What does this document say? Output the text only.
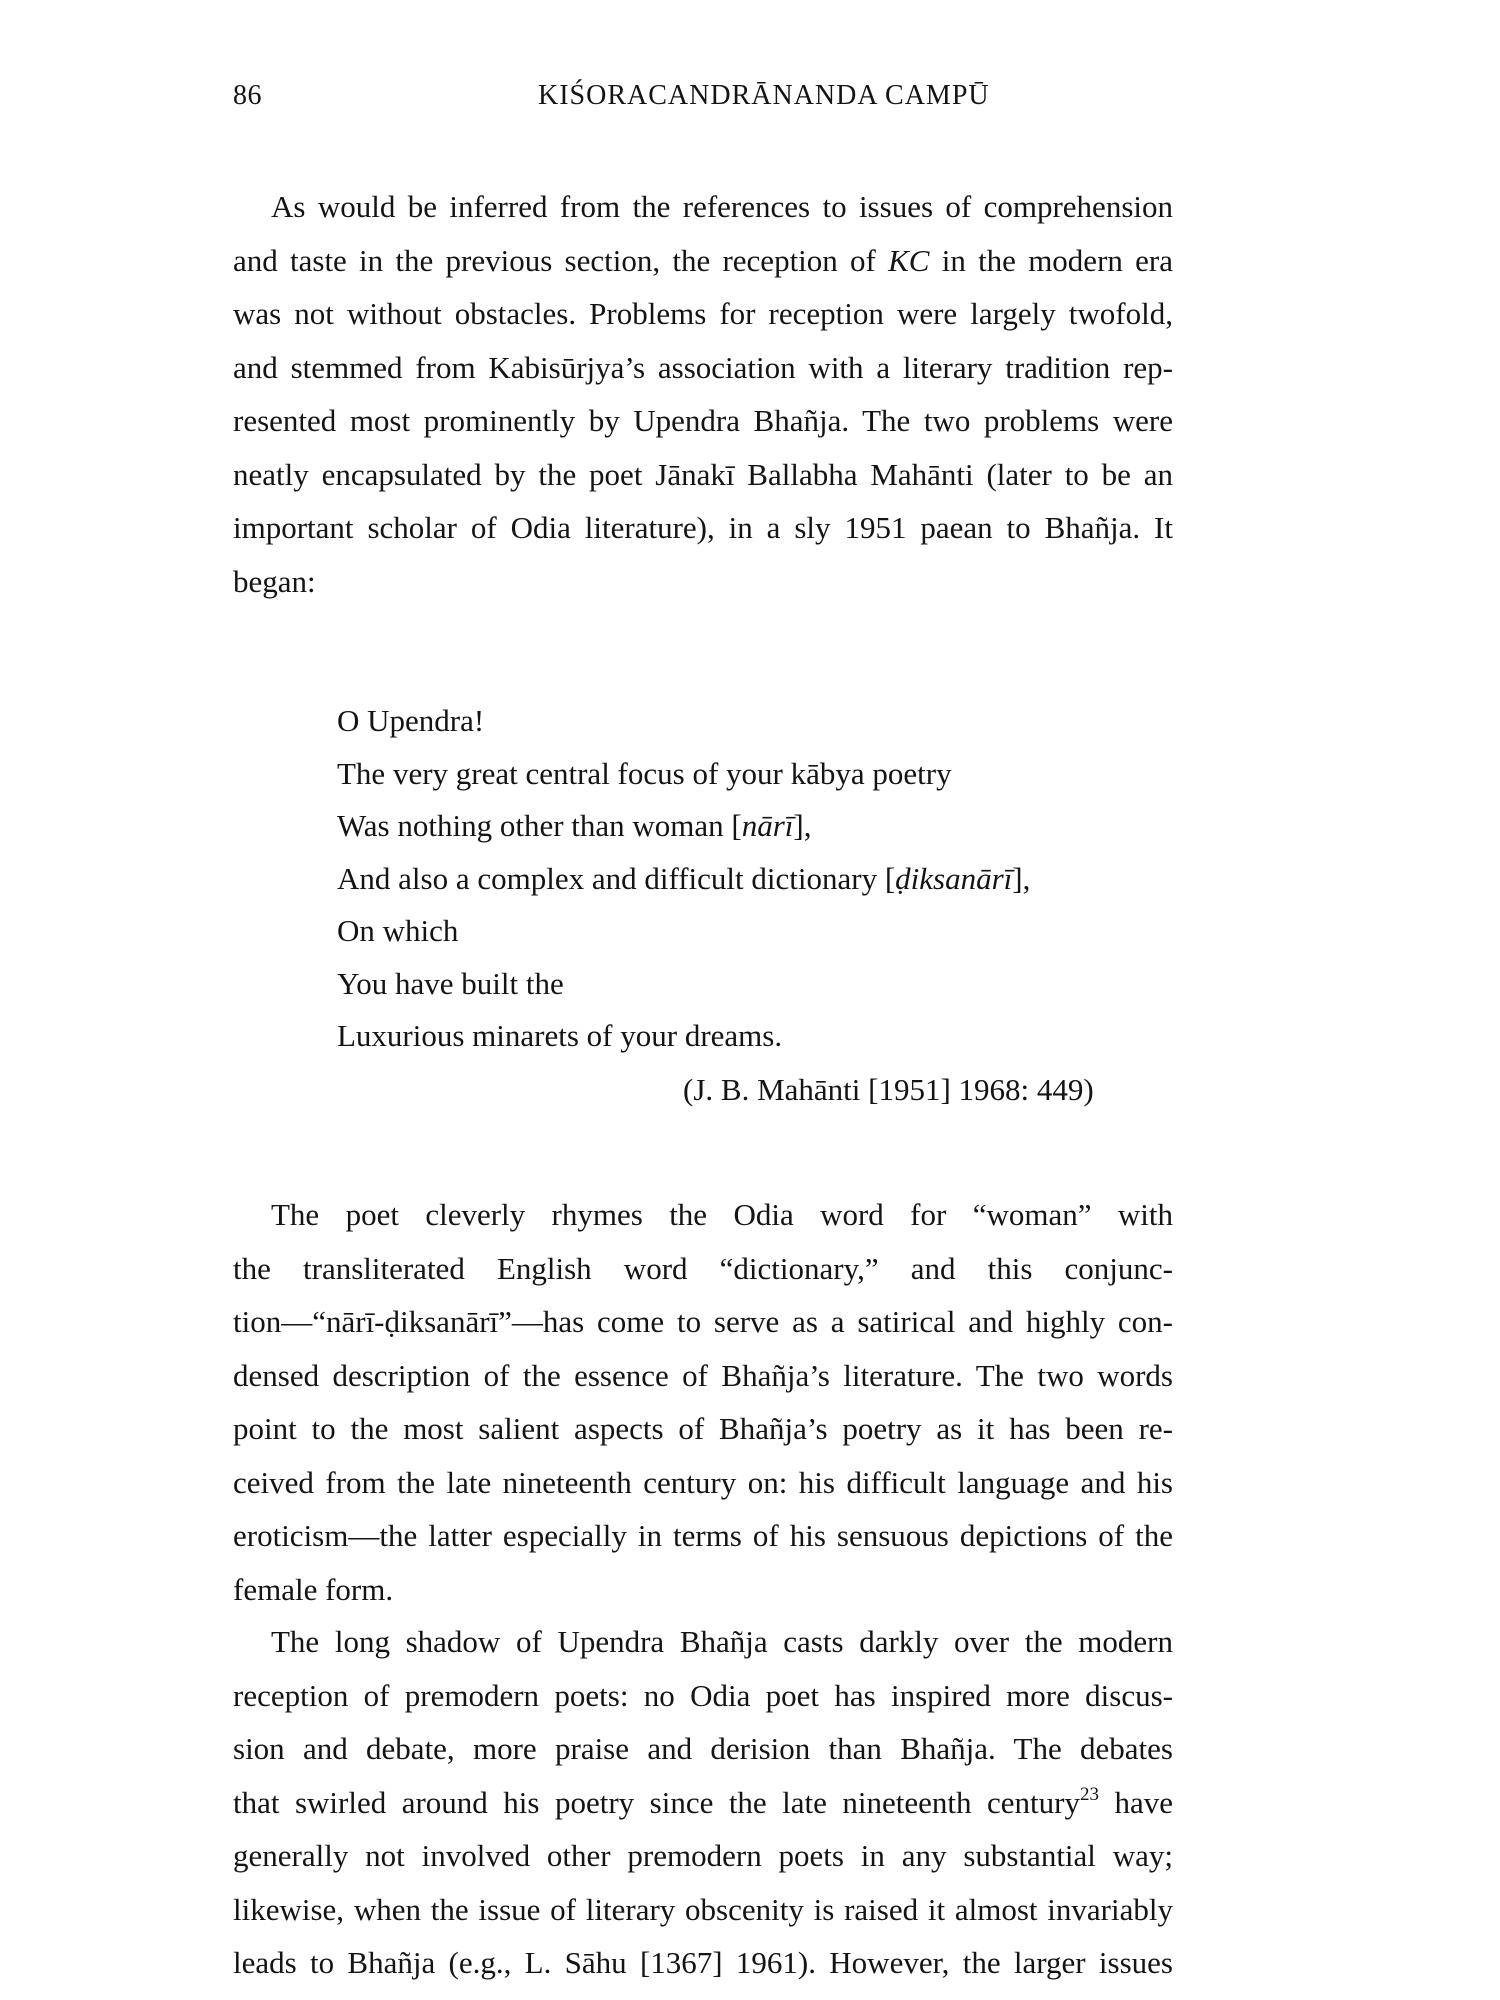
86	KIŚORACANDRĀNANDA CAMPŪ
As would be inferred from the references to issues of comprehension
and taste in the previous section, the reception of KC in the modern era
was not without obstacles. Problems for reception were largely twofold,
and stemmed from Kabisūrjya’s association with a literary tradition rep-
resented most prominently by Upendra Bhañja. The two problems were
neatly encapsulated by the poet Jānakī Ballabha Mahānti (later to be an
important scholar of Odia literature), in a sly 1951 paean to Bhañja. It
began:
O Upendra!
The very great central focus of your kābya poetry
Was nothing other than woman [nārī],
And also a complex and difficult dictionary [ḍiksanārī],
On which
You have built the
Luxurious minarets of your dreams.
(J. B. Mahānti [1951] 1968: 449)
The poet cleverly rhymes the Odia word for “woman” with
the transliterated English word “dictionary,” and this conjunc-
tion—“nārī-ḍiksanārī”—has come to serve as a satirical and highly con-
densed description of the essence of Bhañja’s literature. The two words
point to the most salient aspects of Bhañja’s poetry as it has been re-
ceived from the late nineteenth century on: his difficult language and his
eroticism—the latter especially in terms of his sensuous depictions of the
female form.
The long shadow of Upendra Bhañja casts darkly over the modern
reception of premodern poets: no Odia poet has inspired more discus-
sion and debate, more praise and derision than Bhañja. The debates
that swirled around his poetry since the late nineteenth century$^{23}$ have
generally not involved other premodern poets in any substantial way;
likewise, when the issue of literary obscenity is raised it almost invariably
leads to Bhañja (e.g., L. Sāhu [1367] 1961). However, the larger issues
